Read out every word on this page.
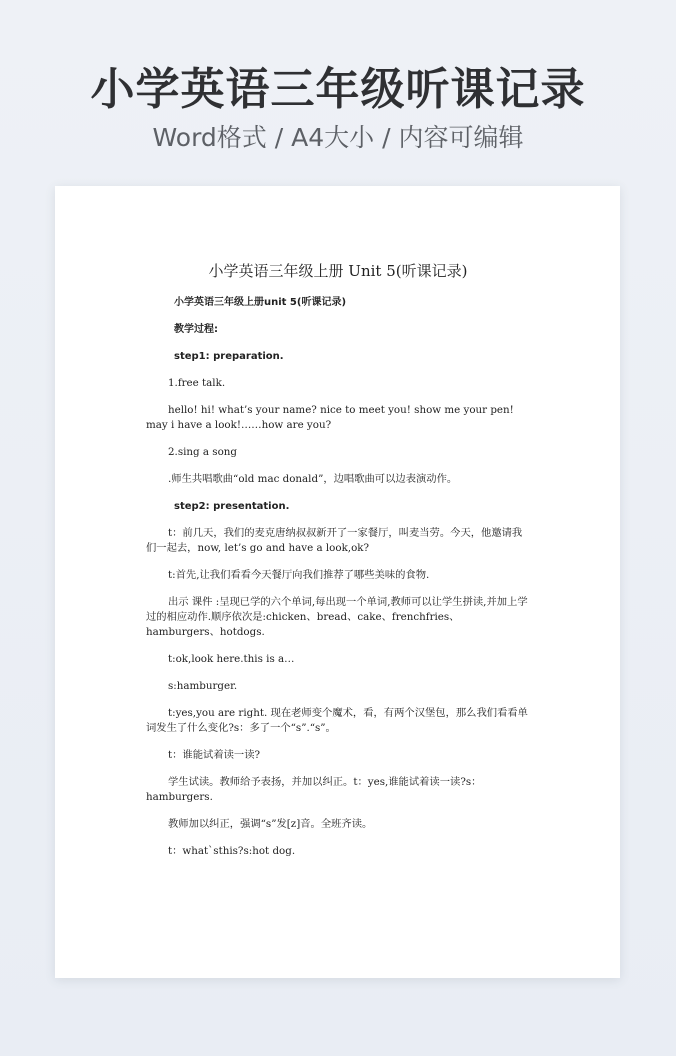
小学英语三年级听课记录
Word格式 / A4大小 / 内容可编辑
小学英语三年级上册 Unit 5(听课记录)
小学英语三年级上册unit 5(听课记录)
教学过程:
step1: preparation.
1.free talk.
hello! hi! what’s your name? nice to meet you! show me your pen! may i have a look!……how are you?
2.sing a song
.师生共唱歌曲“old mac donald”，边唱歌曲可以边表演动作。
step2: presentation.
t：前几天，我们的麦克唐纳叔叔新开了一家餐厅，叫麦当劳。今天，他邀请我们一起去，now, let’s go and have a look,ok?
t:首先,让我们看看今天餐厅向我们推荐了哪些美味的食物.
出示 课件 :呈现已学的六个单词,每出现一个单词,教师可以让学生拼读,并加上学过的相应动作.顺序依次是:chicken、bread、cake、frenchfries、hamburgers、hotdogs.
t:ok,look here.this is a…
s:hamburger.
t:yes,you are right. 现在老师变个魔术，看，有两个汉堡包，那么我们看看单词发生了什么变化?s：多了一个“s”.“s”。
t：谁能试着读一读?
学生试读。教师给予表扬，并加以纠正。t：yes,谁能试着读一读?s：hamburgers.
教师加以纠正，强调“s”发[z]音。全班齐读。
t：what`sthis?s:hot dog.
